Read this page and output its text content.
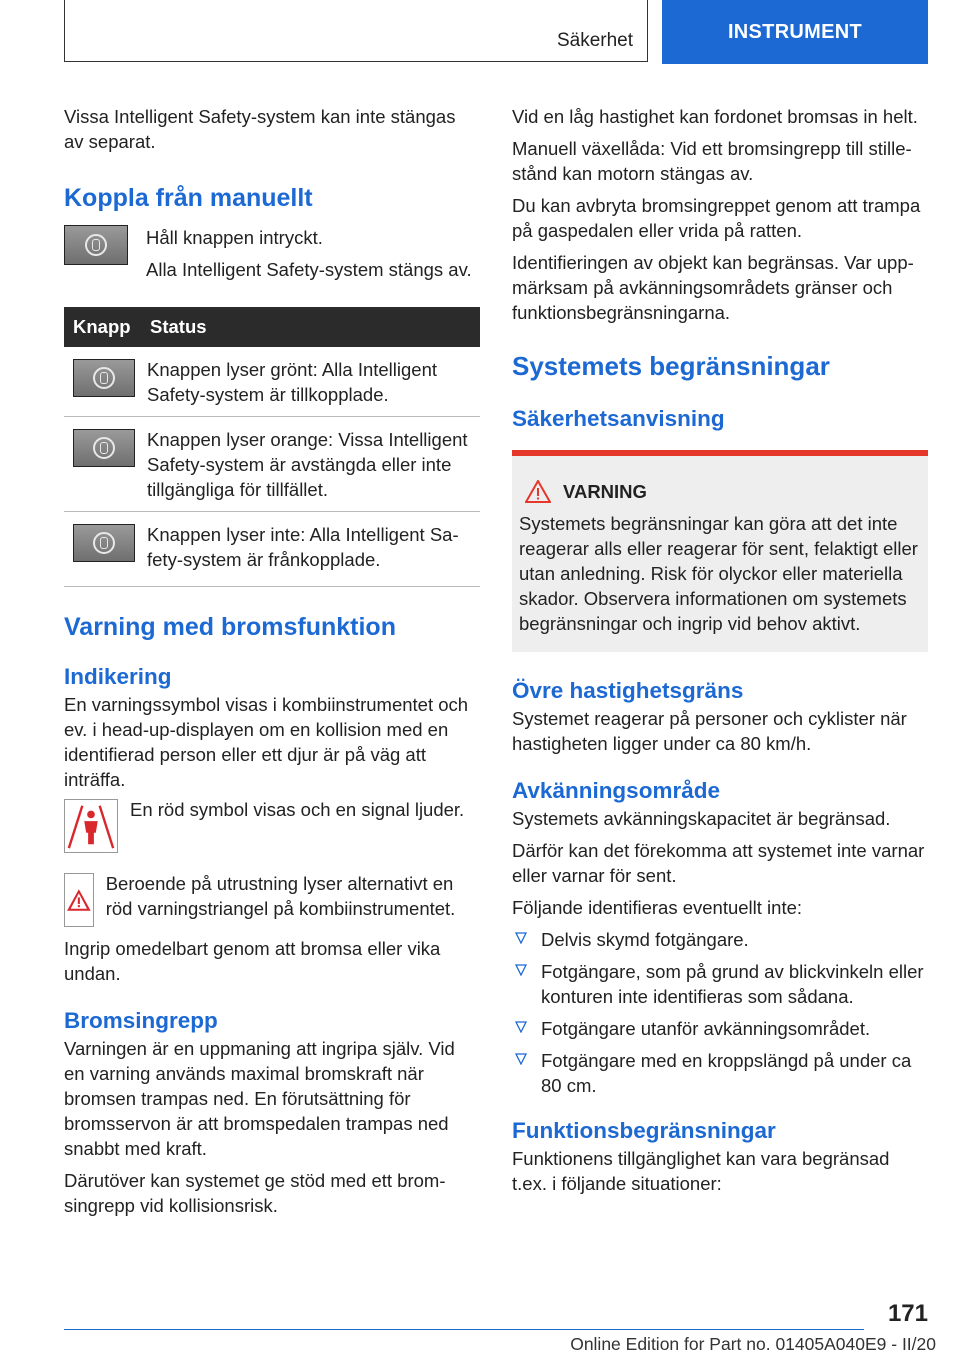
Säkerhet	INSTRUMENT

Vissa Intelligent Safety-system kan inte stängas av separat.

Koppla från manuellt

Håll knappen intryckt.

Alla Intelligent Safety-system stängs av.

Knapp	Status

	Knappen lyser grönt: Alla Intelligent Safety-system är tillkopplade.

	Knappen lyser orange: Vissa Intelligent Safety-system är avstängda eller inte tillgängliga för tillfället.

	Knappen lyser inte: Alla Intelligent Safety-system är frånkopplade.
Varning med bromsfunktion
Indikering

En varningssymbol visas i kombiinstrumentet och ev. i head-up-displayen om en kollision med en identifierad person eller ett djur är på väg att inträffa.

En röd symbol visas och en signal ljuder.

Beroende på utrustning lyser alternativt en röd varningstriangel på kombiinstrumentet.

Ingrip omedelbart genom att bromsa eller vika undan.

Bromsingrepp

Varningen är en uppmaning att ingripa själv. Vid en varning används maximal bromskraft när bromsen trampas ned. En förutsättning för bromsservon är att bromspedalen trampas ned snabbt med kraft.

Därutöver kan systemet ge stöd med ett bromsingrepp vid kollisionsrisk.

Vid en låg hastighet kan fordonet bromsas in helt.

Manuell växellåda: Vid ett bromsingrepp till stillestånd kan motorn stängas av.

Du kan avbryta bromsingreppet genom att trampa på gaspedalen eller vrida på ratten.

Identifieringen av objekt kan begränsas. Var uppmärksam på avkänningsområdets gränser och funktionsbegränsningarna.

Systemets begränsningar
Säkerhetsanvisning
VARNING

Systemets begränsningar kan göra att det inte reagerar alls eller reagerar för sent, felaktigt eller utan anledning. Risk för olyckor eller materiella skador. Observera informationen om systemets begränsningar och ingrip vid behov aktivt.

Övre hastighetsgräns

Systemet reagerar på personer och cyklister när hastigheten ligger under ca 80 km/h.

Avkänningsområde

Systemets avkänningskapacitet är begränsad.

Därför kan det förekomma att systemet inte varnar eller varnar för sent.

Följande identifieras eventuellt inte:

Delvis skymd fotgängare.
Fotgängare, som på grund av blickvinkeln eller konturen inte identifieras som sådana.
Fotgängare utanför avkänningsområdet.
Fotgängare med en kroppslängd på under ca 80 cm.
Funktionsbegränsningar

Funktionens tillgänglighet kan vara begränsad t.ex. i följande situationer:

171
Online Edition for Part no. 01405A040E9 - II/20
